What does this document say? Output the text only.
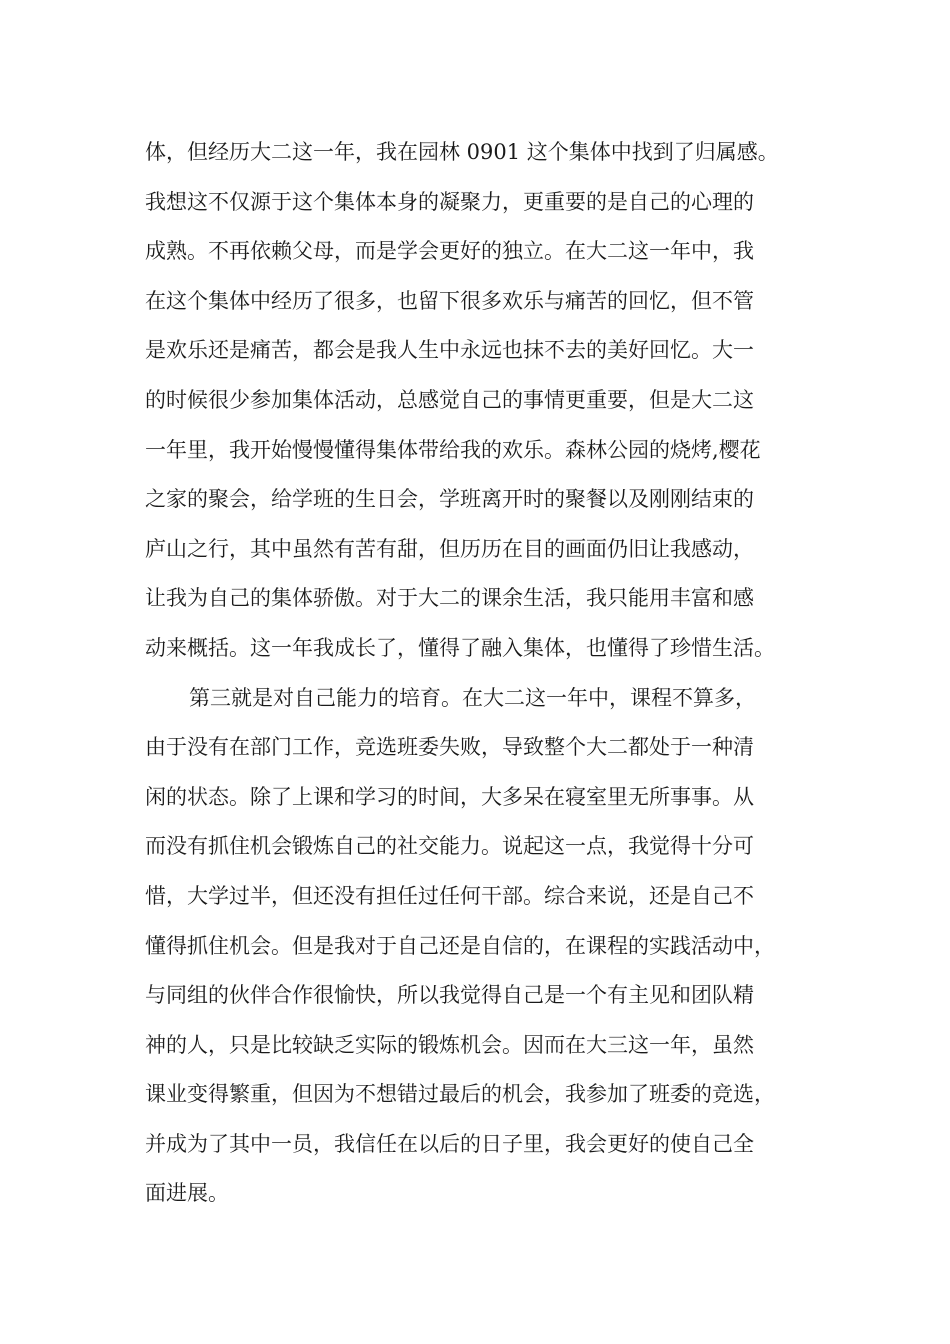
体，但经历大二这一年，我在园林 0901 这个集体中找到了归属感。
我想这不仅源于这个集体本身的凝聚力，更重要的是自己的心理的
成熟。不再依赖父母，而是学会更好的独立。在大二这一年中，我
在这个集体中经历了很多，也留下很多欢乐与痛苦的回忆，但不管
是欢乐还是痛苦，都会是我人生中永远也抹不去的美好回忆。大一
的时候很少参加集体活动，总感觉自己的事情更重要，但是大二这
一年里，我开始慢慢懂得集体带给我的欢乐。森林公园的烧烤,樱花
之家的聚会，给学班的生日会，学班离开时的聚餐以及刚刚结束的
庐山之行，其中虽然有苦有甜，但历历在目的画面仍旧让我感动，
让我为自己的集体骄傲。对于大二的课余生活，我只能用丰富和感
动来概括。这一年我成长了，懂得了融入集体，也懂得了珍惜生活。
第三就是对自己能力的培育。在大二这一年中，课程不算多，
由于没有在部门工作，竞选班委失败，导致整个大二都处于一种清
闲的状态。除了上课和学习的时间，大多呆在寝室里无所事事。从
而没有抓住机会锻炼自己的社交能力。说起这一点，我觉得十分可
惜，大学过半，但还没有担任过任何干部。综合来说，还是自己不
懂得抓住机会。但是我对于自己还是自信的，在课程的实践活动中，
与同组的伙伴合作很愉快，所以我觉得自己是一个有主见和团队精
神的人，只是比较缺乏实际的锻炼机会。因而在大三这一年，虽然
课业变得繁重，但因为不想错过最后的机会，我参加了班委的竞选，
并成为了其中一员，我信任在以后的日子里，我会更好的使自己全
面进展。
